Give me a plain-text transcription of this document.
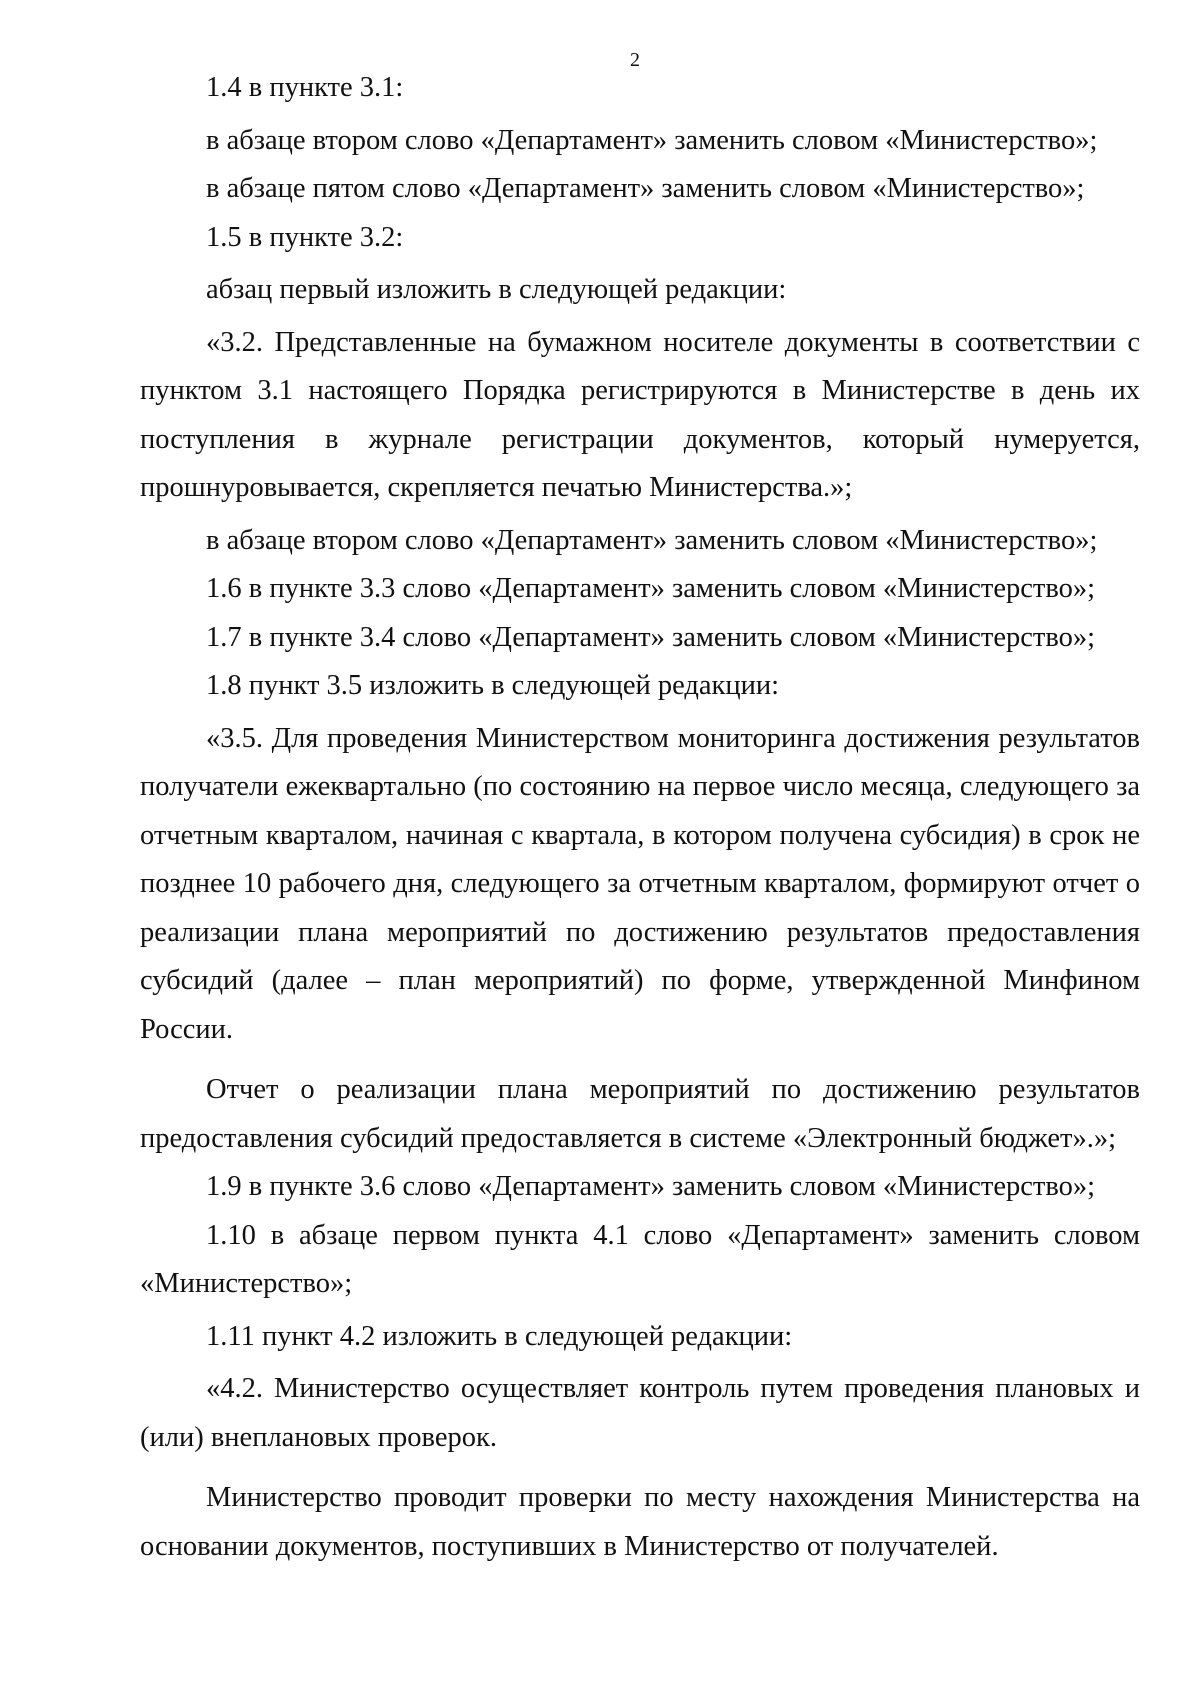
2

1.4 в пункте 3.1:

в абзаце втором слово «Департамент» заменить словом «Министерство»;

в абзаце пятом слово «Департамент» заменить словом «Министерство»;

1.5 в пункте 3.2:

абзац первый изложить в следующей редакции:

«3.2. Представленные на бумажном носителе документы в соответствии с пунктом 3.1 настоящего Порядка регистрируются в Министерстве в день их поступления в журнале регистрации документов, который нумеруется, прошнуровывается, скрепляется печатью Министерства.»;

в абзаце втором слово «Департамент» заменить словом «Министерство»;

1.6 в пункте 3.3 слово «Департамент» заменить словом «Министерство»;

1.7 в пункте 3.4 слово «Департамент» заменить словом «Министерство»;

1.8 пункт 3.5 изложить в следующей редакции:

«3.5. Для проведения Министерством мониторинга достижения результатов получатели ежеквартально (по состоянию на первое число месяца, следующего за отчетным кварталом, начиная с квартала, в котором получена субсидия) в срок не позднее 10 рабочего дня, следующего за отчетным кварталом, формируют отчет о реализации плана мероприятий по достижению результатов предоставления субсидий (далее – план мероприятий) по форме, утвержденной Минфином России.

Отчет о реализации плана мероприятий по достижению результатов предоставления субсидий предоставляется в системе «Электронный бюджет».»;

1.9 в пункте 3.6 слово «Департамент» заменить словом «Министерство»;

1.10 в абзаце первом пункта 4.1 слово «Департамент» заменить словом «Министерство»;

1.11 пункт 4.2 изложить в следующей редакции:

«4.2. Министерство осуществляет контроль путем проведения плановых и (или) внеплановых проверок.

Министерство проводит проверки по месту нахождения Министерства на основании документов, поступивших в Министерство от получателей.
